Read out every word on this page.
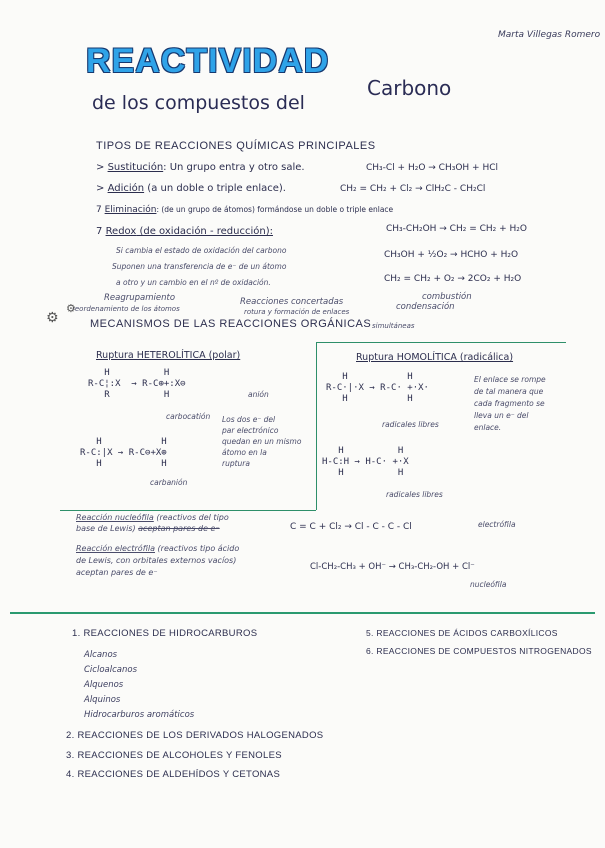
Marta Villegas Romero
REACTIVIDAD
de los compuestos del
Carbono
TIPOS DE REACCIONES QUÍMICAS PRINCIPALES
> Sustitución: Un grupo entra y otro sale.	CH₃-Cl + H₂O → CH₃OH + HCl
> Adición (a un doble o triple enlace).	CH₂ = CH₂ + Cl₂ → ClH₂C - CH₂Cl
7 Eliminación: (de un grupo de átomos) formándose un doble o triple enlace
7 Redox (de oxidación - reducción):	CH₃-CH₂OH → CH₂ = CH₂ + H₂O
Si cambia el estado de oxidación del carbono
Suponen una transferencia de e⁻ de un átomo
a otro y un cambio en el nº de oxidación.
CH₃OH + ½O₂ → HCHO + H₂O
CH₂ = CH₂ + O₂ → 2CO₂ + H₂O
Reagrupamiento
reordenamiento de los átomos
Reacciones concertadas
rotura y formación de enlaces
simultáneas
combustión
condensación
⚙
⚙
MECANISMOS DE LAS REACCIONES ORGÁNICAS
Ruptura HETEROLÍTICA (polar)
H          H
R-C¦:X  → R-C⊕+:X⊖
R          H	anión
carbocatión
H           H
R-C:|X → R-C⊖+X⊕
H           H
carbanión
Los dos e⁻ del
par electrónico
quedan en un mismo
átomo en la
ruptura
Ruptura HOMOLÍTICA (radicálica)
H           H
R-C·|·X → R-C· +·X·
H           H
radicales libres
H          H
H-C:H → H-C· +·X
H          H
radicales libres
El enlace se rompe
de tal manera que
cada fragmento se
lleva un e⁻ del
enlace.
Reacción nucleófila (reactivos del tipo
base de Lewis) aceptan pares de e⁻
Reacción electrófila (reactivos tipo ácido
de Lewis, con orbitales externos vacíos)
aceptan pares de e⁻
C = C + Cl₂ → Cl - C - C - Cl	electrófila
Cl-CH₂-CH₃ + OH⁻ → CH₃-CH₂-OH + Cl⁻
nucleófila
1. REACCIONES DE HIDROCARBUROS
Alcanos
Cicloalcanos
Alquenos
Alquinos
Hidrocarburos aromáticos
2. REACCIONES DE LOS DERIVADOS HALOGENADOS
3. REACCIONES DE ALCOHOLES Y FENOLES
4. REACCIONES DE ALDEHÍDOS Y CETONAS
5. REACCIONES DE ÁCIDOS CARBOXÍLICOS
6. REACCIONES DE COMPUESTOS NITROGENADOS
